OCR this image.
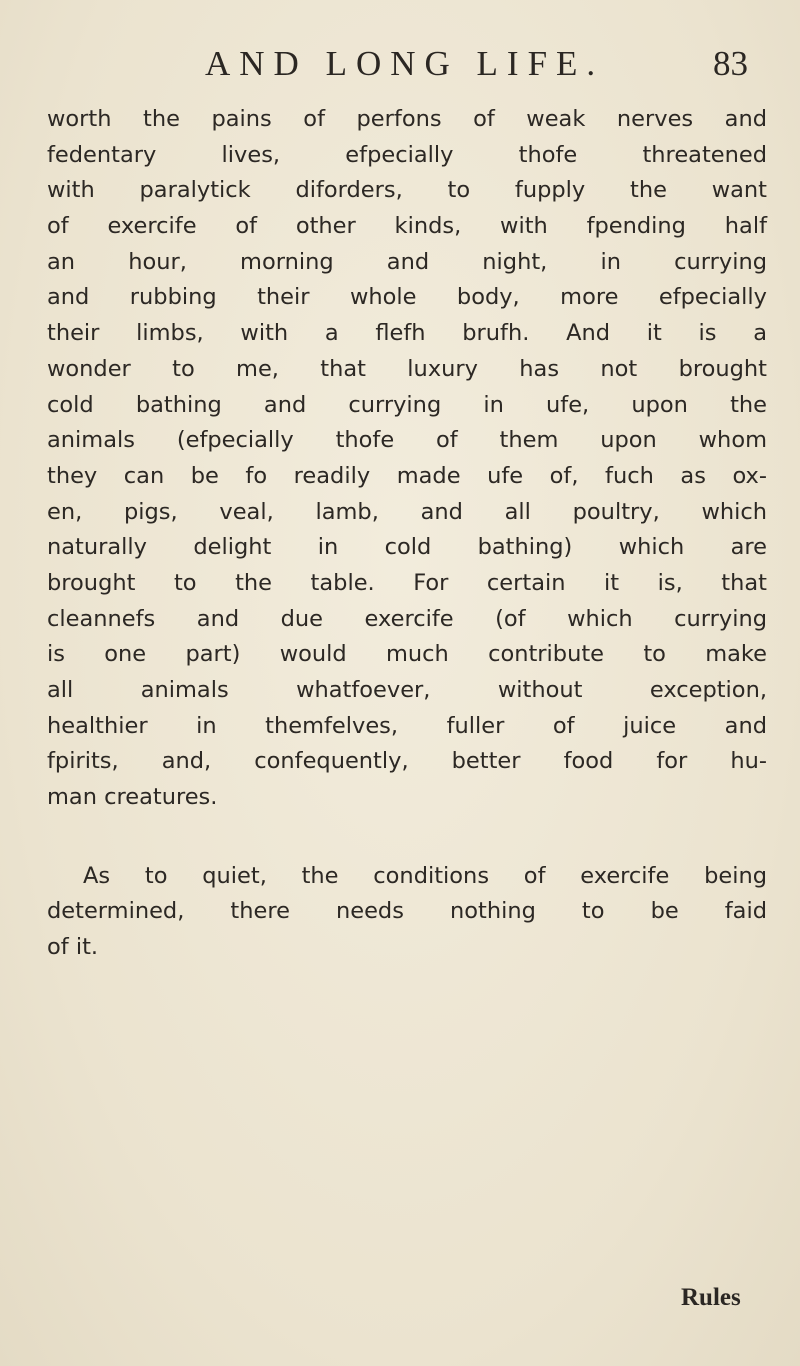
AND LONG LIFE.	83
worth the pains of perfons of weak nerves and
fedentary lives, efpecially thofe threatened
with paralytick diforders, to fupply the want
of exercife of other kinds, with fpending half
an hour, morning and night, in currying
and rubbing their whole body, more efpecially
their limbs, with a flefh brufh. And it is a
wonder to me, that luxury has not brought
cold bathing and currying in ufe, upon the
animals (efpecially thofe of them upon whom
they can be fo readily made ufe of, fuch as ox-
en, pigs, veal, lamb, and all poultry, which
naturally delight in cold bathing) which are
brought to the table. For certain it is, that
cleannefs and due exercife (of which currying
is one part) would much contribute to make
all animals whatfoever, without exception,
healthier in themfelves, fuller of juice and
fpirits, and, confequently, better food for hu-
man creatures.
As to quiet, the conditions of exercife being
determined, there needs nothing to be faid
of it.
Rules
